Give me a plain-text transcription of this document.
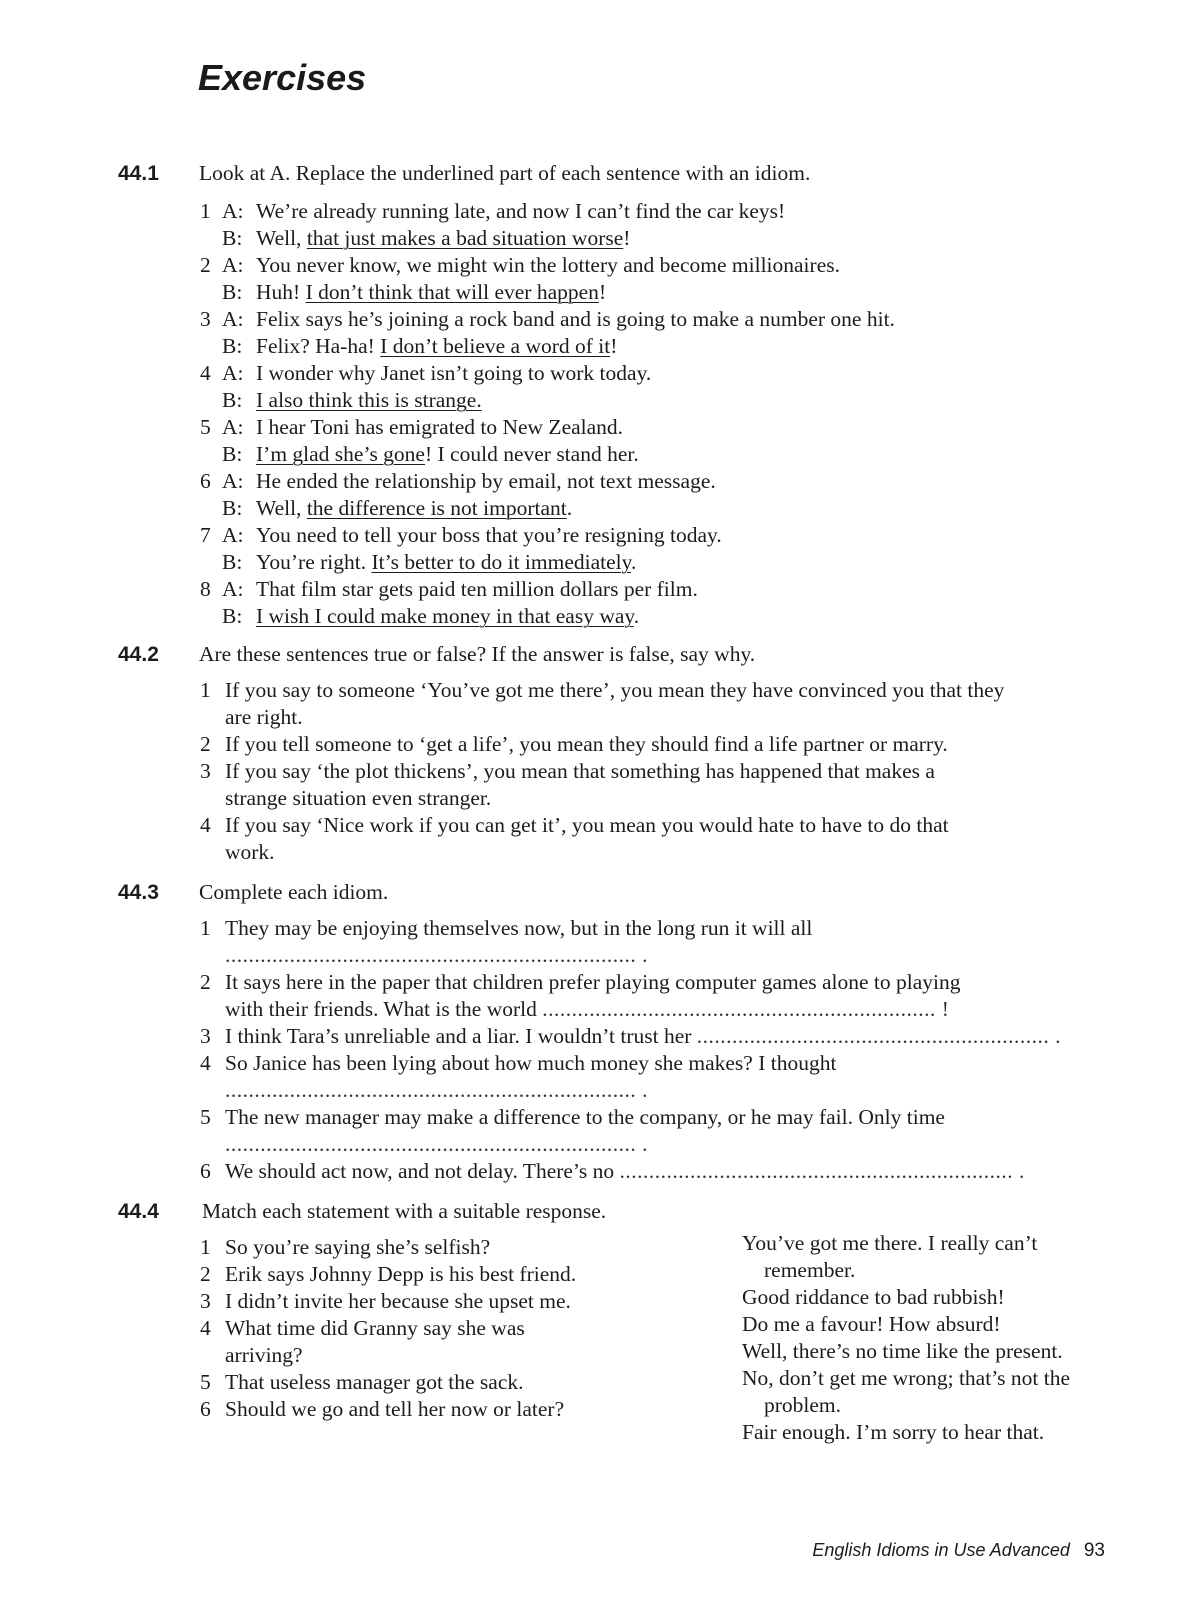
Exercises
44.1 Look at A. Replace the underlined part of each sentence with an idiom.
1 A: We’re already running late, and now I can’t find the car keys!
B: Well, that just makes a bad situation worse!
2 A: You never know, we might win the lottery and become millionaires.
B: Huh! I don’t think that will ever happen!
3 A: Felix says he’s joining a rock band and is going to make a number one hit.
B: Felix? Ha-ha! I don’t believe a word of it!
4 A: I wonder why Janet isn’t going to work today.
B: I also think this is strange.
5 A: I hear Toni has emigrated to New Zealand.
B: I’m glad she’s gone! I could never stand her.
6 A: He ended the relationship by email, not text message.
B: Well, the difference is not important.
7 A: You need to tell your boss that you’re resigning today.
B: You’re right. It’s better to do it immediately.
8 A: That film star gets paid ten million dollars per film.
B: I wish I could make money in that easy way.
44.2 Are these sentences true or false? If the answer is false, say why.
1 If you say to someone ‘You’ve got me there’, you mean they have convinced you that they
are right.
2 If you tell someone to ‘get a life’, you mean they should find a life partner or marry.
3 If you say ‘the plot thickens’, you mean that something has happened that makes a
strange situation even stranger.
4 If you say ‘Nice work if you can get it’, you mean you would hate to have to do that
work.
44.3 Complete each idiom.
1 They may be enjoying themselves now, but in the long run it will all
...................................................................... .
2 It says here in the paper that children prefer playing computer games alone to playing
with their friends. What is the world ................................................................... !
3 I think Tara’s unreliable and a liar. I wouldn’t trust her ............................................................ .
4 So Janice has been lying about how much money she makes? I thought
...................................................................... .
5 The new manager may make a difference to the company, or he may fail. Only time
...................................................................... .
6 We should act now, and not delay. There’s no ................................................................... .
44.4 Match each statement with a suitable response.
1 So you’re saying she’s selfish?
2 Erik says Johnny Depp is his best friend.
3 I didn’t invite her because she upset me.
4 What time did Granny say she was
arriving?
5 That useless manager got the sack.
6 Should we go and tell her now or later?
You’ve got me there. I really can’t
remember.
Good riddance to bad rubbish!
Do me a favour! How absurd!
Well, there’s no time like the present.
No, don’t get me wrong; that’s not the
problem.
Fair enough. I’m sorry to hear that.
English Idioms in Use Advanced 93
